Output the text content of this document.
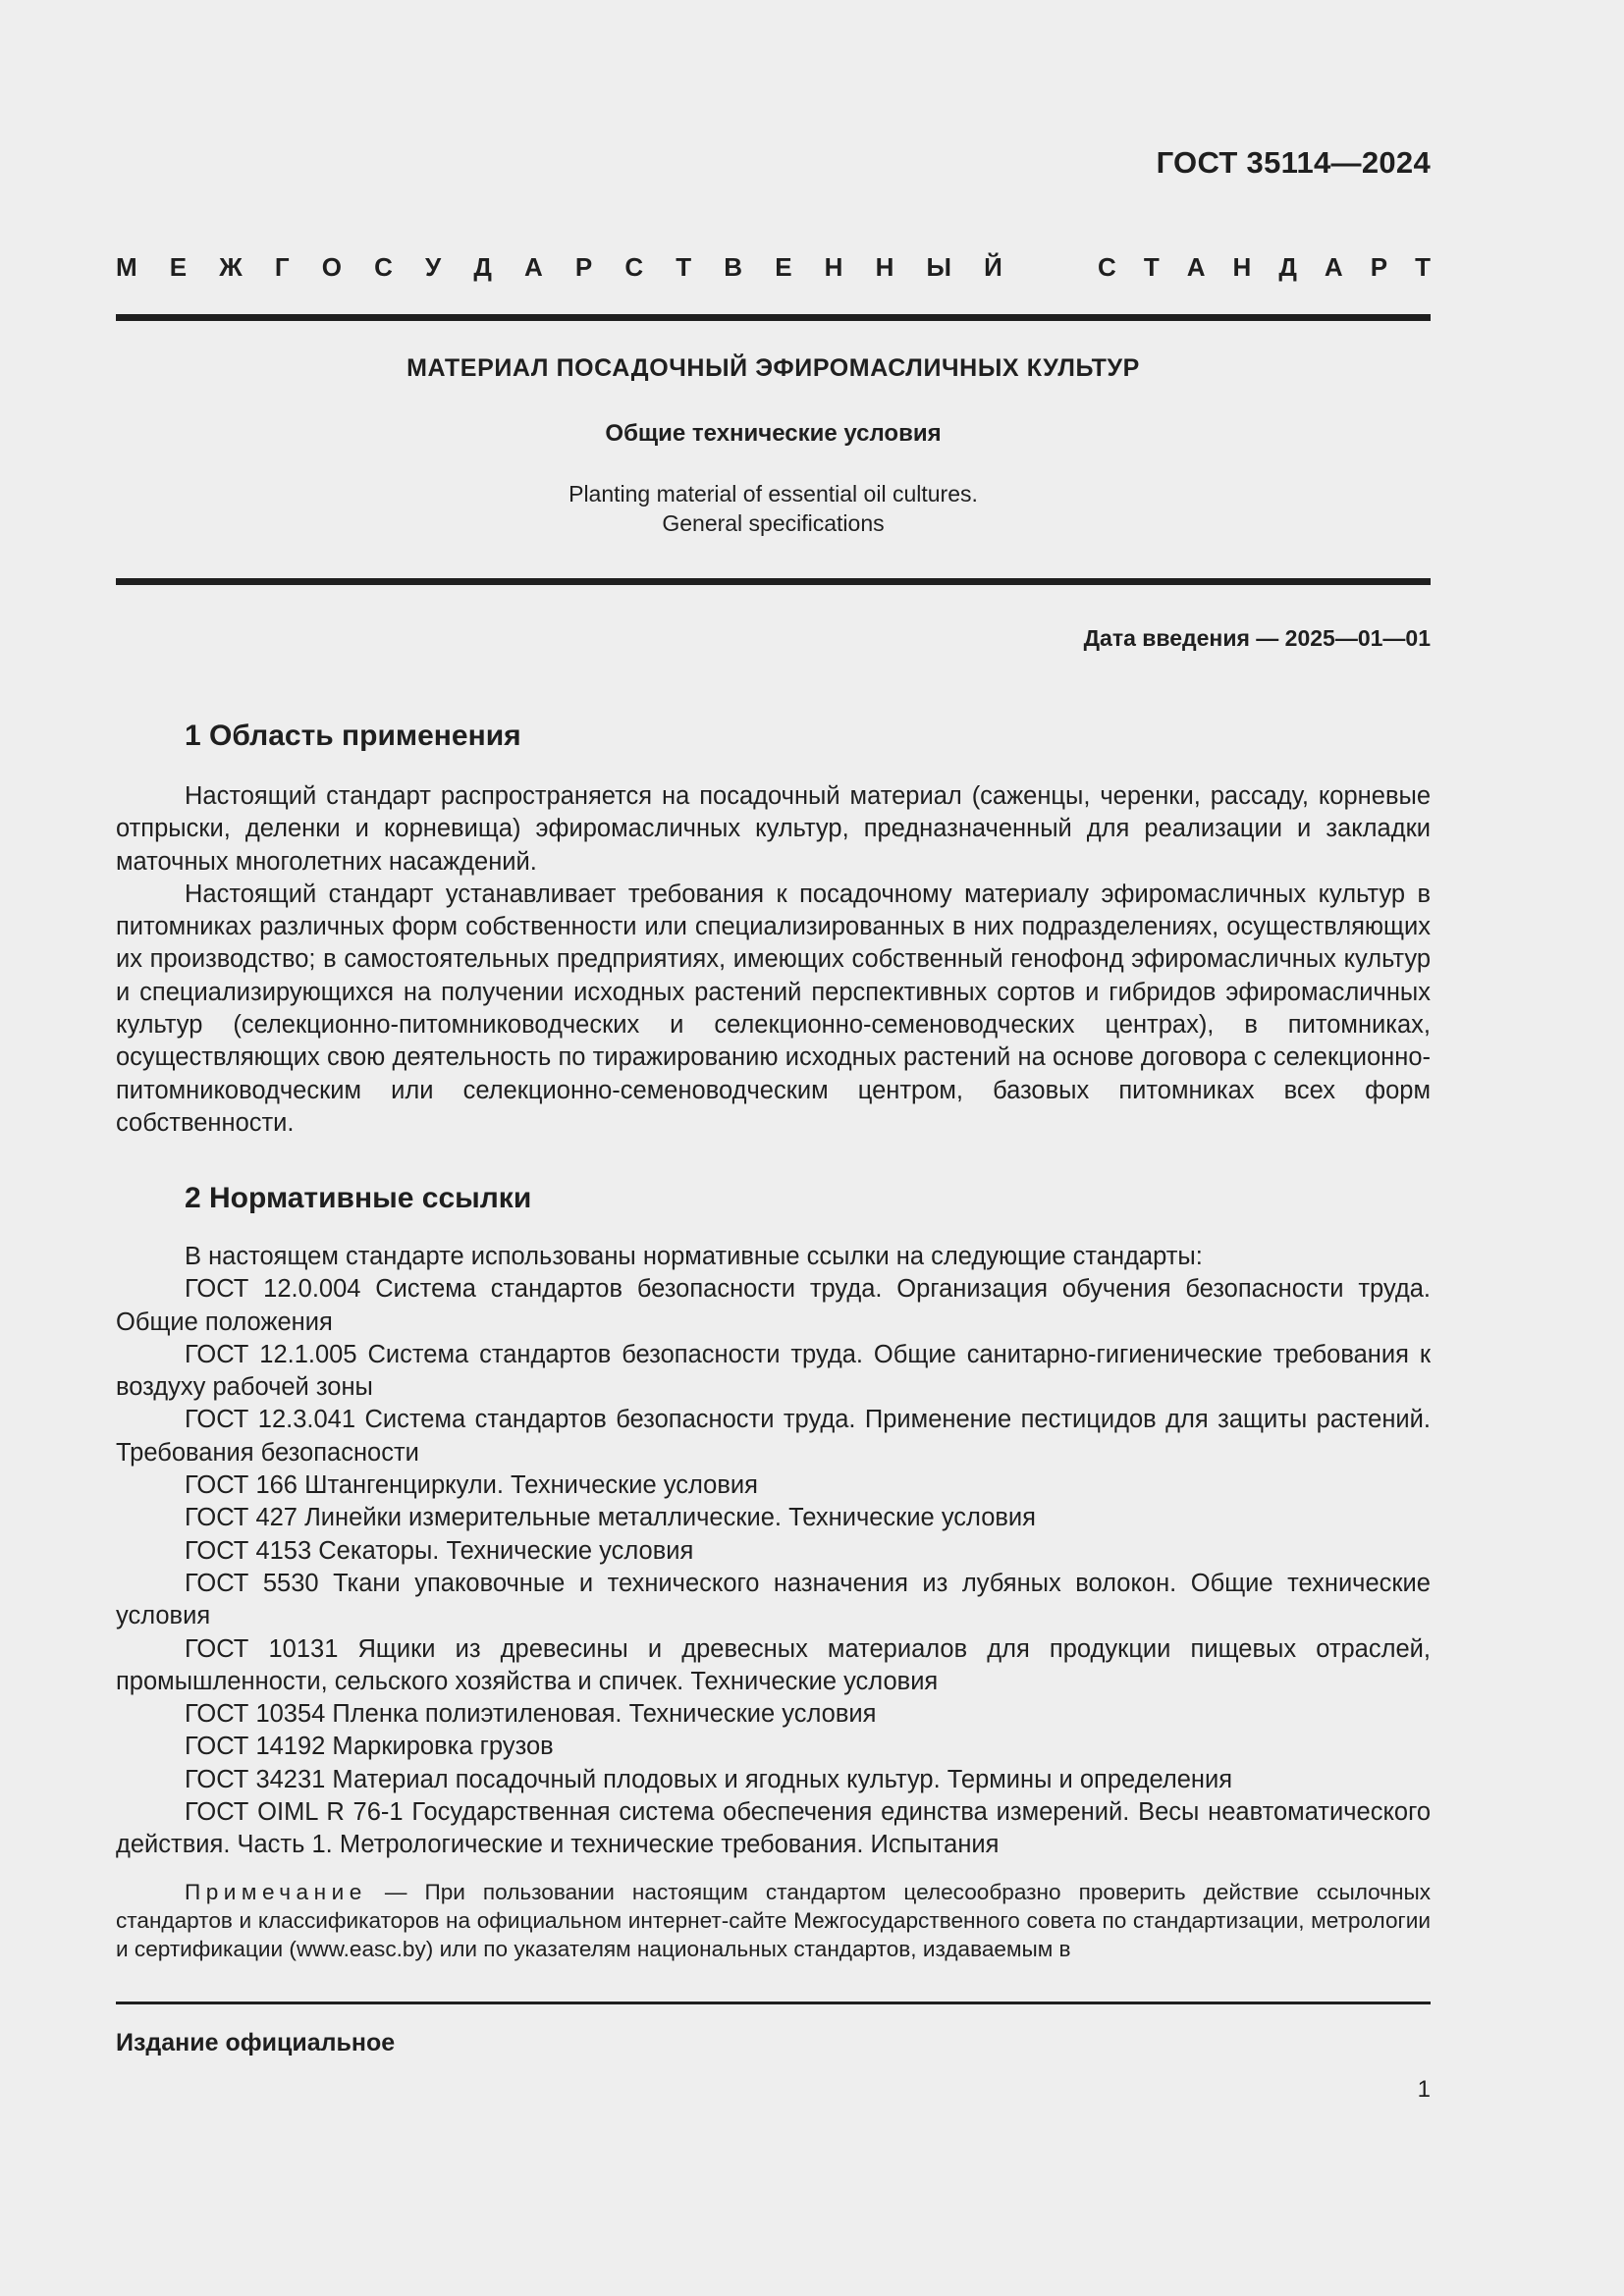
ГОСТ 35114—2024
М Е Ж Г О С У Д А Р С Т В Е Н Н Ы Й	С Т А Н Д А Р Т
МАТЕРИАЛ ПОСАДОЧНЫЙ ЭФИРОМАСЛИЧНЫХ КУЛЬТУР
Общие технические условия
Planting material of essential oil cultures.
General specifications
Дата введения — 2025—01—01
1 Область применения

Настоящий стандарт распространяется на посадочный материал (саженцы, черенки, рассаду, корневые отпрыски, деленки и корневища) эфиромасличных культур, предназначенный для реализации и закладки маточных многолетних насаждений.

Настоящий стандарт устанавливает требования к посадочному материалу эфиромасличных культур в питомниках различных форм собственности или специализированных в них подразделениях, осуществляющих их производство; в самостоятельных предприятиях, имеющих собственный генофонд эфиромасличных культур и специализирующихся на получении исходных растений перспективных сортов и гибридов эфиромасличных культур (селекционно-питомниководческих и селекционно-семеноводческих центрах), в питомниках, осуществляющих свою деятельность по тиражированию исходных растений на основе договора с селекционно-питомниководческим или селекционно-семеноводческим центром, базовых питомниках всех форм собственности.

2 Нормативные ссылки

В настоящем стандарте использованы нормативные ссылки на следующие стандарты:

ГОСТ 12.0.004 Система стандартов безопасности труда. Организация обучения безопасности труда. Общие положения

ГОСТ 12.1.005 Система стандартов безопасности труда. Общие санитарно-гигиенические требования к воздуху рабочей зоны

ГОСТ 12.3.041 Система стандартов безопасности труда. Применение пестицидов для защиты растений. Требования безопасности

ГОСТ 166 Штангенциркули. Технические условия

ГОСТ 427 Линейки измерительные металлические. Технические условия

ГОСТ 4153 Секаторы. Технические условия

ГОСТ 5530 Ткани упаковочные и технического назначения из лубяных волокон. Общие технические условия

ГОСТ 10131 Ящики из древесины и древесных материалов для продукции пищевых отраслей, промышленности, сельского хозяйства и спичек. Технические условия

ГОСТ 10354 Пленка полиэтиленовая. Технические условия

ГОСТ 14192 Маркировка грузов

ГОСТ 34231 Материал посадочный плодовых и ягодных культур. Термины и определения

ГОСТ OIML R 76-1 Государственная система обеспечения единства измерений. Весы неавтоматического действия. Часть 1. Метрологические и технические требования. Испытания

Примечание — При пользовании настоящим стандартом целесообразно проверить действие ссылочных стандартов и классификаторов на официальном интернет-сайте Межгосударственного совета по стандартизации, метрологии и сертификации (www.easc.by) или по указателям национальных стандартов, издаваемым в

Издание официальное
1
